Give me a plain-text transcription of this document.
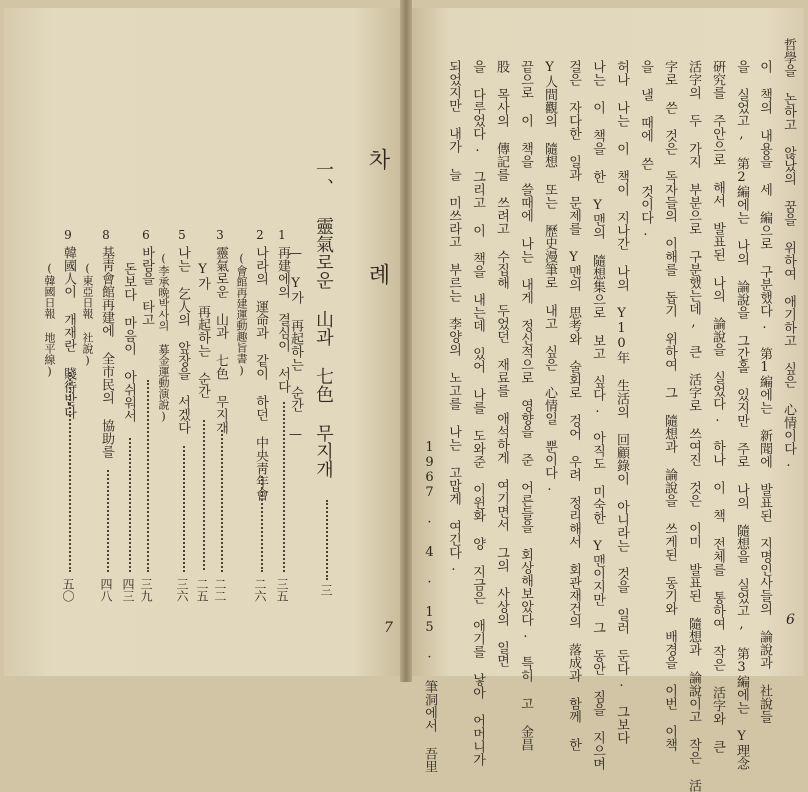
哲學을 논하고 않났의 꿈을 위하여 애기하고 싶은 心情이다.
이 책의 내용을 세 編으로 구분했다. 第1編에는 新聞에 발표된 지명인사들의 論說과 社說들
을 실었고, 第2編에는 나의 論說을 그간홀 있지만 주로 나의 隨想을 실었고, 第3編에는 Y理念
硏究를 주안으로 해서 발표된 나의 論說을 실었다. 하나 이 책 전체를 통하여 작은 活字와 큰
活字의 두 가지 부분으로 구분했는데, 큰 活字로 쓰여진 것은 이미 발표된 隨想과 論說이고 작은 活
字로 쓴 것은 독자들의 이해를 돕기 위하여 그 隨想과 論說을 쓰게된 동기와 배경을 이번 이책
을 낼 때에 쓴 것이다.
허나 나는 이 책이 지나간 나의 Y10年 生活의 回顧錄이 아니라는 것을 일러 둔다. 그보다
나는 이 책을 한 Y맨의 隨想集으로 보고 싶다. 아직도 미숙한 Y맨이지만 그 동안 짐을 지으며
걸은 자다한 일과 문제를 Y맨의 思考와 술회로 겅어 우려 정리해서 회관재건의 落成과 함께 한
Y人間觀의 隨想 또는 歷史漫筆로 내고 싶은 心情일 뿐이다.
끝으로 이 책을 쓸때에 나는 내게 정신적으로 영향을 준 어른들을 회상해보았다. 특히 고 金昌
股 목사의 傳記를 쓰려고 수집해 두었던 재료를 애석하게 여기면서 그의 사상의 일면
을 다루었다. 그리고 이 책을 내는데 있어 나를 도와준 이윈화 양 지금은 애기를 낳아 어머니가
되었지만 내가 늘 미쓰라고 부르는 李양의 노고를 나는 고맙게 여긴다.
1967 · 4 · 15 · 筆洞에서 吾里	6
차 례
一、 靈氣로운 山과 七色 무지개
三
— Y가 再起하는 순간 —
1
再建에의 결심이 서다
三五
2
나라의 運命과 같이 하던 中央靑年會
二六
(會館再建運動趣旨書)
3
靈氣로운 山과 七色 무지개
二二
Y가 再起하는 순간
二五
5
나는 乞人의 앞장을 서겠다
(李承晩박사의 募金運動演說)
三六
6
바람을 타고
돈보다 마음이 아쉬워서
三九
四三
8
基靑會館再建에 全市民의 協助를
(東亞日報 社說)
四八
9
韓國人이 개재란 賤待받다
(韓國日報 地平線)
五〇
7
